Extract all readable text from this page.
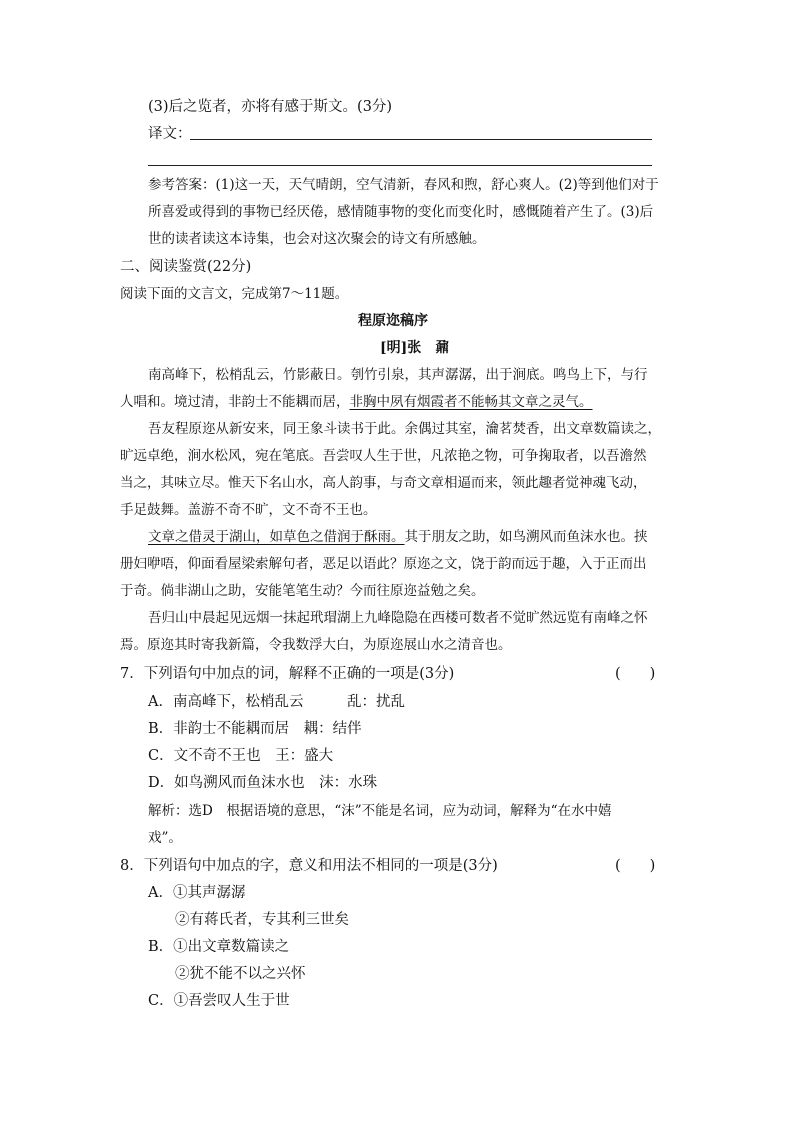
(3)后之览者，亦将有感于斯文。(3分)
译文：
参考答案：(1)这一天，天气晴朗，空气清新，春风和煦，舒心爽人。(2)等到他们对于
所喜爱或得到的事物已经厌倦，感情随事物的变化而变化时，感慨随着产生了。(3)后
世的读者读这本诗集，也会对这次聚会的诗文有所感触。
二、阅读鉴赏(22分)
阅读下面的文言文，完成第7～11题。
程原迩稿序
[明]张　鼐
南高峰下，松梢乱云，竹影蔽日。刳竹引泉，其声潺潺，出于涧底。鸣鸟上下，与行
人唱和。境过清，非韵士不能耦而居，非胸中夙有烟霞者不能畅其文章之灵气。
吾友程原迩从新安来，同王象斗读书于此。余偶过其室，瀹茗焚香，出文章数篇读之，
旷远卓绝，涧水松风，宛在笔底。吾尝叹人生于世，凡浓艳之物，可争掬取者，以吾澹然
当之，其味立尽。惟天下名山水，高人韵事，与奇文章相逼而来，领此趣者觉神魂飞动，
手足鼓舞。盖游不奇不旷，文不奇不王也。
文章之借灵于湖山，如草色之借润于酥雨。其于朋友之助，如鸟溯风而鱼沫水也。挟
册妇咿唔，仰面看屋梁索解句者，恶足以语此？原迩之文，饶于韵而远于趣，入于正而出
于奇。倘非湖山之助，安能笔笔生动？今而往原迩益勉之矣。
吾归山中晨起见远烟一抹起玳瑁湖上九峰隐隐在西楼可数者不觉旷然远览有南峰之怀
焉。原迩其时寄我新篇，令我数浮大白，为原迩展山水之清音也。
7．下列语句中加点的词，解释不正确的一项是(3分)	(　　)
A．南高峰下，松梢乱云　　　乱：扰乱
B．非韵士不能耦而居　耦：结伴
C．文不奇不王也　王：盛大
D．如鸟溯风而鱼沫水也　沫：水珠
解析：选D　根据语境的意思，“沫”不能是名词，应为动词，解释为“在水中嬉
戏”。
8．下列语句中加点的字，意义和用法不相同的一项是(3分)	(　　)
A．①其声潺潺
②有蒋氏者，专其利三世矣
B．①出文章数篇读之
②犹不能不以之兴怀
C．①吾尝叹人生于世
